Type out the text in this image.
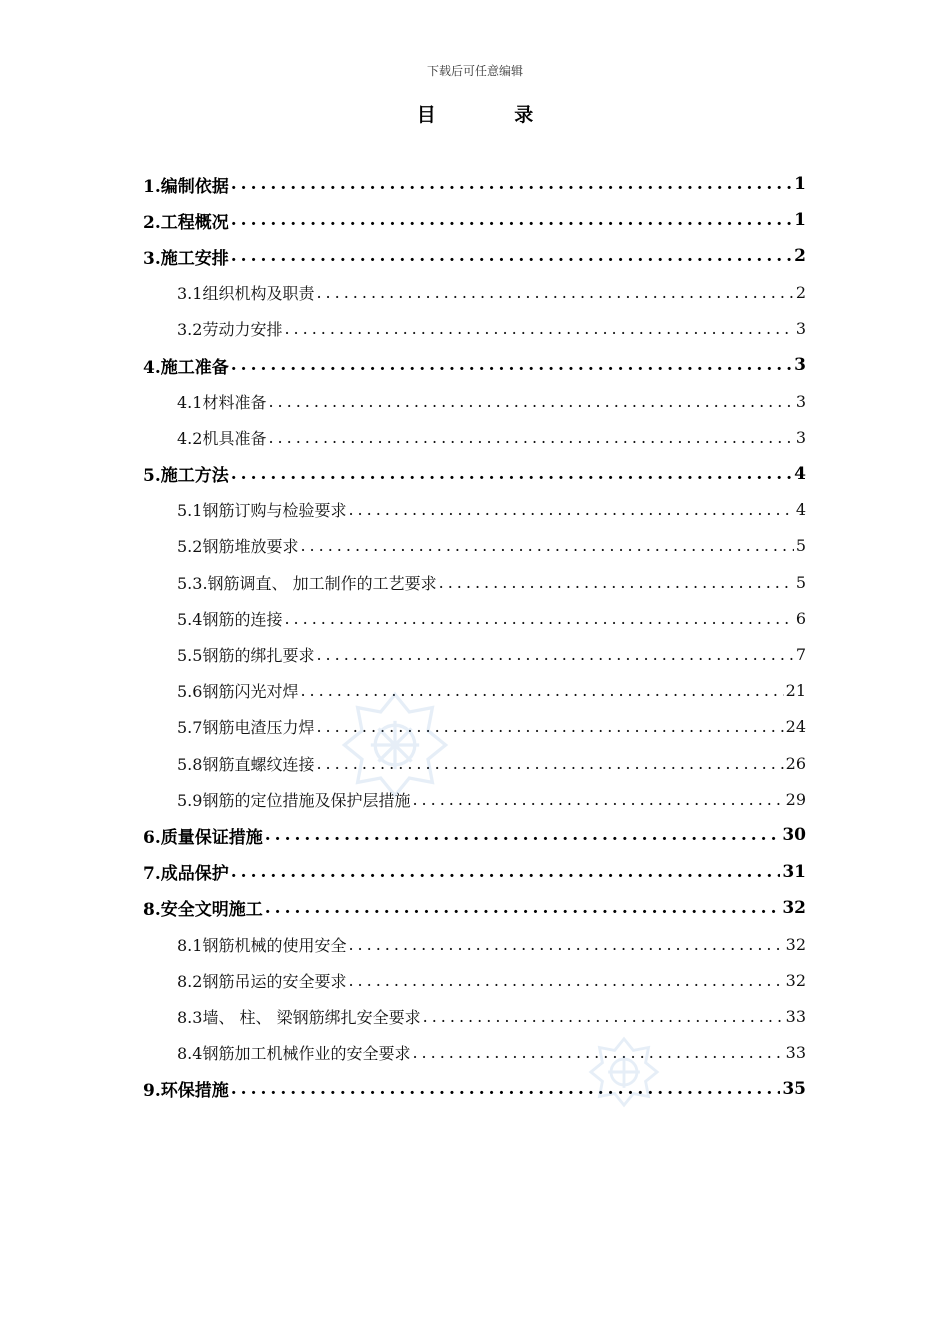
下载后可任意编辑
目 录
1.编制依据 .....	1
2.工程概况 .....	1
3.施工安排 .....	2
3.1组织机构及职责 .....	2
3.2劳动力安排 .....	3
4.施工准备 .....	3
4.1材料准备 .....	3
4.2机具准备 .....	3
5.施工方法 .....	4
5.1钢筋订购与检验要求 .....	4
5.2钢筋堆放要求 .....	5
5.3.钢筋调直、 加工制作的工艺要求 .....	5
5.4钢筋的连接 .....	6
5.5钢筋的绑扎要求 .....	7
5.6钢筋闪光对焊 .....	21
5.7钢筋电渣压力焊 .....	24
5.8钢筋直螺纹连接 .....	26
5.9钢筋的定位措施及保护层措施 .....	29
6.质量保证措施 .....	30
7.成品保护 .....	31
8.安全文明施工 .....	32
8.1钢筋机械的使用安全 .....	32
8.2钢筋吊运的安全要求 .....	32
8.3墙、 柱、 梁钢筋绑扎安全要求 .....	33
8.4钢筋加工机械作业的安全要求 .....	33
9.环保措施 .....	35
